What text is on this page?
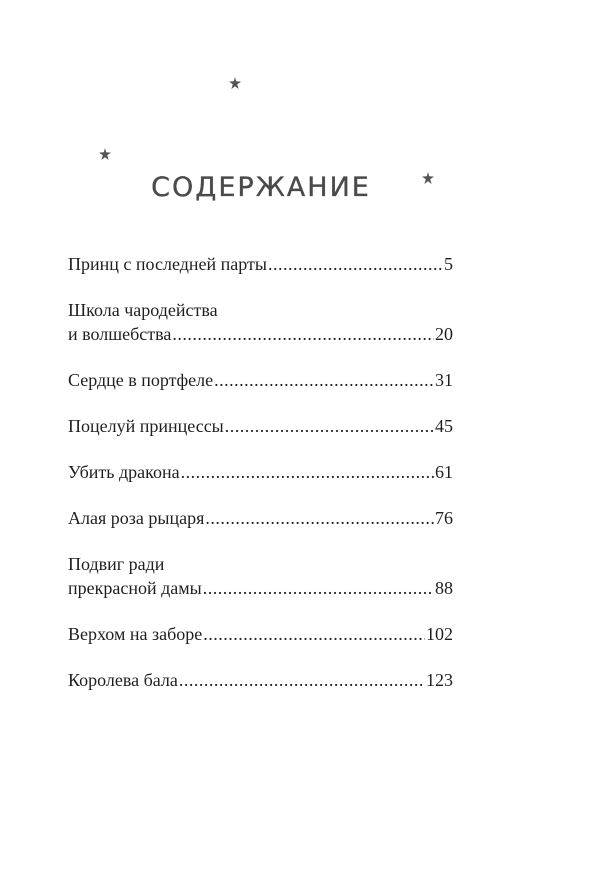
СОДЕРЖАНИЕ
Принц с последней парты .....	5
Школа чародейства
и волшебства .....	20
Сердце в портфеле .....	31
Поцелуй принцессы .....	45
Убить дракона .....	61
Алая роза рыцаря .....	76
Подвиг ради
прекрасной дамы .....	88
Верхом на заборе .....	102
Королева бала .....	123
